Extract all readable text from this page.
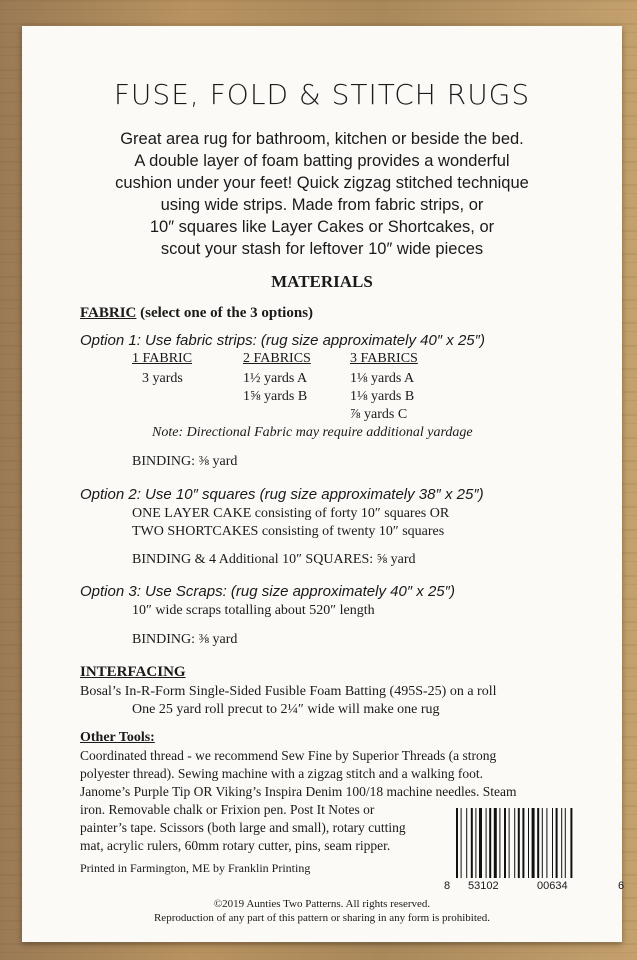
FUSE, FOLD & STITCH RUGS
Great area rug for bathroom, kitchen or beside the bed.
A double layer of foam batting provides a wonderful
cushion under your feet! Quick zigzag stitched technique
using wide strips. Made from fabric strips, or
10″ squares like Layer Cakes or Shortcakes, or
scout your stash for leftover 10″ wide pieces
MATERIALS
FABRIC (select one of the 3 options)
Option 1: Use fabric strips: (rug size approximately 40″ x 25″)
1 FABRIC
3 yards
2 FABRICS
1½ yards A
1⅝ yards B
3 FABRICS
1⅛ yards A
1⅛ yards B
⅞ yards C
Note: Directional Fabric may require additional yardage
BINDING: ⅜ yard
Option 2: Use 10″ squares (rug size approximately 38″ x 25″)
ONE LAYER CAKE consisting of forty 10″ squares OR
TWO SHORTCAKES consisting of twenty 10″ squares
BINDING & 4 Additional 10″ SQUARES: ⅝ yard
Option 3: Use Scraps: (rug size approximately 40″ x 25″)
10″ wide scraps totalling about 520″ length
BINDING: ⅜ yard
INTERFACING
Bosal’s In-R-Form Single-Sided Fusible Foam Batting (495S-25) on a roll
One 25 yard roll precut to 2¼″ wide will make one rug
Other Tools:
Coordinated thread - we recommend Sew Fine by Superior Threads (a strong
polyester thread). Sewing machine with a zigzag stitch and a walking foot.
Janome’s Purple Tip OR Viking’s Inspira Denim 100/18 machine needles. Steam
iron. Removable chalk or Frixion pen. Post It Notes or
painter’s tape. Scissors (both large and small), rotary cutting
mat, acrylic rulers, 60mm rotary cutter, pins, seam ripper.
Printed in Farmington, ME by Franklin Printing
8 53102	00634	6
©2019 Aunties Two Patterns. All rights reserved.
Reproduction of any part of this pattern or sharing in any form is prohibited.
